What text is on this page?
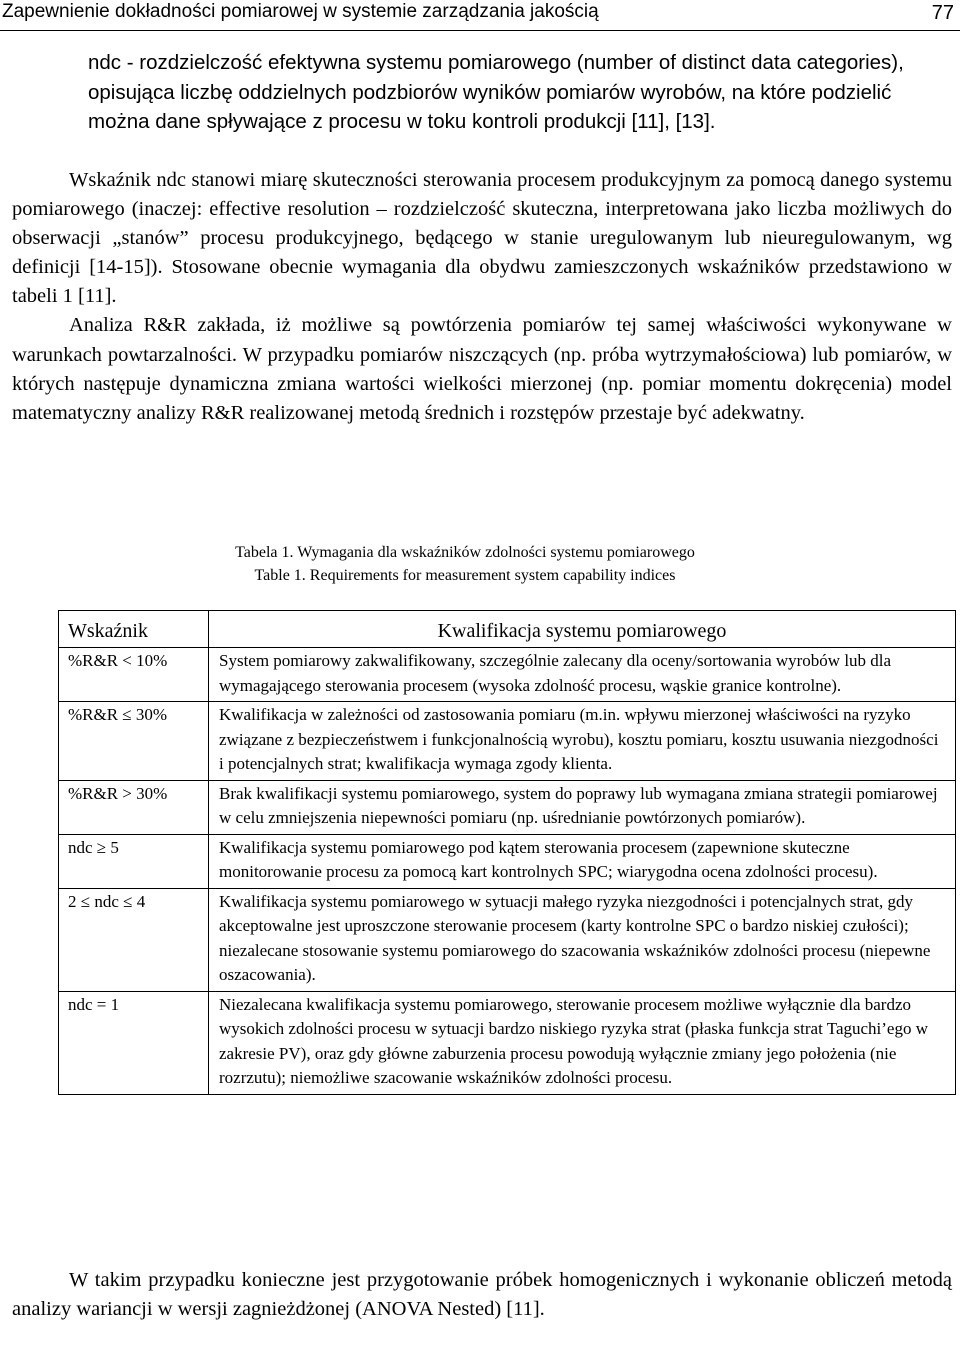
Zapewnienie dokładności pomiarowej w systemie zarządzania jakością	77

ndc - rozdzielczość efektywna systemu pomiarowego (number of distinct data categories), opisująca liczbę oddzielnych podzbiorów wyników pomiarów wyrobów, na które podzielić można dane spływające z procesu w toku kontroli produkcji [11], [13].

Wskaźnik ndc stanowi miarę skuteczności sterowania procesem produkcyjnym za pomocą danego systemu pomiarowego (inaczej: effective resolution – rozdzielczość skuteczna, interpretowana jako liczba możliwych do obserwacji „stanów” procesu produkcyjnego, będącego w stanie uregulowanym lub nieuregulowanym, wg definicji [14-15]). Stosowane obecnie wymagania dla obydwu zamieszczonych wskaźników przedstawiono w tabeli 1 [11].

Analiza R&R zakłada, iż możliwe są powtórzenia pomiarów tej samej właściwości wykonywane w warunkach powtarzalności. W przypadku pomiarów niszczących (np. próba wytrzymałościowa) lub pomiarów, w których następuje dynamiczna zmiana wartości wielkości mierzonej (np. pomiar momentu dokręcenia) model matematyczny analizy R&R realizowanej metodą średnich i rozstępów przestaje być adekwatny.

Tabela 1. Wymagania dla wskaźników zdolności systemu pomiarowego
Table 1. Requirements for measurement system capability indices
Wskaźnik	Kwalifikacja systemu pomiarowego
%R&R < 10%	System pomiarowy zakwalifikowany, szczególnie zalecany dla oceny/sortowania wyrobów lub dla wymagającego sterowania procesem (wysoka zdolność procesu, wąskie granice kontrolne).
%R&R ≤ 30%	Kwalifikacja w zależności od zastosowania pomiaru (m.in. wpływu mierzonej właściwości na ryzyko związane z bezpieczeństwem i funkcjonalnością wyrobu), kosztu pomiaru, kosztu usuwania niezgodności i potencjalnych strat; kwalifikacja wymaga zgody klienta.
%R&R > 30%	Brak kwalifikacji systemu pomiarowego, system do poprawy lub wymagana zmiana strategii pomiarowej w celu zmniejszenia niepewności pomiaru (np. uśrednianie powtórzonych pomiarów).
ndc ≥ 5	Kwalifikacja systemu pomiarowego pod kątem sterowania procesem (zapewnione skuteczne monitorowanie procesu za pomocą kart kontrolnych SPC; wiarygodna ocena zdolności procesu).
2 ≤ ndc ≤ 4	Kwalifikacja systemu pomiarowego w sytuacji małego ryzyka niezgodności i potencjalnych strat, gdy akceptowalne jest uproszczone sterowanie procesem (karty kontrolne SPC o bardzo niskiej czułości); niezalecane stosowanie systemu pomiarowego do szacowania wskaźników zdolności procesu (niepewne oszacowania).
ndc = 1	Niezalecana kwalifikacja systemu pomiarowego, sterowanie procesem możliwe wyłącznie dla bardzo wysokich zdolności procesu w sytuacji bardzo niskiego ryzyka strat (płaska funkcja strat Taguchi’ego w zakresie PV), oraz gdy główne zaburzenia procesu powodują wyłącznie zmiany jego położenia (nie rozrzutu); niemożliwe szacowanie wskaźników zdolności procesu.

W takim przypadku konieczne jest przygotowanie próbek homogenicznych i wykonanie obliczeń metodą analizy wariancji w wersji zagnieżdżonej (ANOVA Nested) [11].
